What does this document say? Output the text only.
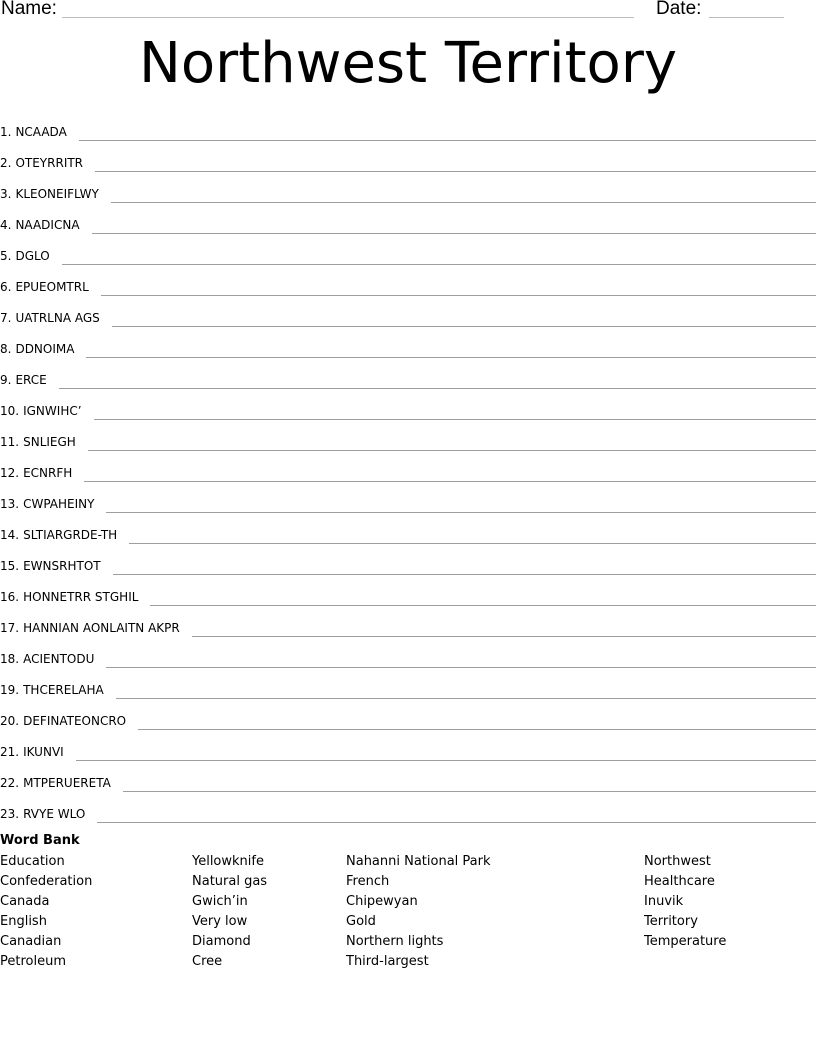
Name:	Date:
Northwest Territory
1. NCAADA
2. OTEYRRITR
3. KLEONEIFLWY
4. NAADICNA
5. DGLO
6. EPUEOMTRL
7. UATRLNA AGS
8. DDNOIMA
9. ERCE
10. IGNWIHC’
11. SNLIEGH
12. ECNRFH
13. CWPAHEINY
14. SLTIARGRDE-TH
15. EWNSRHTOT
16. HONNETRR STGHIL
17. HANNIAN AONLAITN AKPR
18. ACIENTODU
19. THCERELAHA
20. DEFINATEONCRO
21. IKUNVI
22. MTPERUERETA
23. RVYE WLO
Word Bank
Education
Confederation
Canada
English
Canadian
Petroleum
Yellowknife
Natural gas
Gwich’in
Very low
Diamond
Cree
Nahanni National Park
French
Chipewyan
Gold
Northern lights
Third-largest
Northwest
Healthcare
Inuvik
Territory
Temperature
